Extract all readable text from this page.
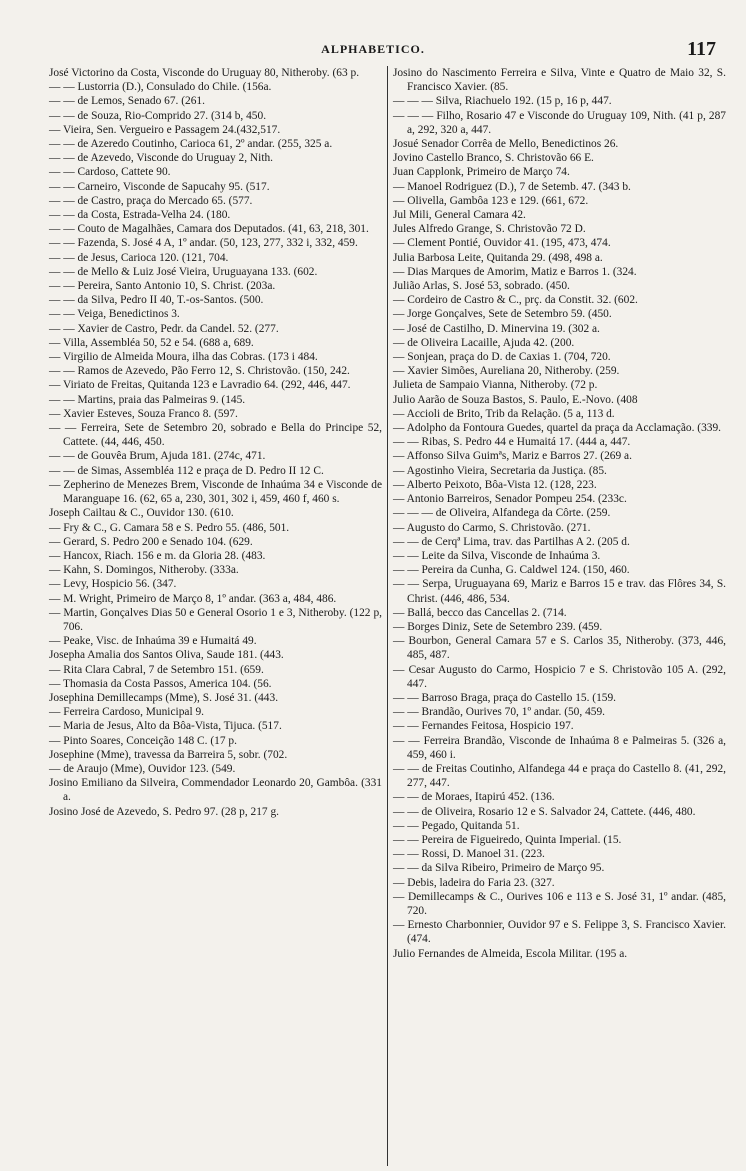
ALPHABETICO.	117

José Victorino da Costa, Visconde do Uruguay 80, Nitheroby. (63 p.

— — Lustorria (D.), Consulado do Chile. (156a.

— — de Lemos, Senado 67. (261.

— — de Souza, Rio-Comprido 27. (314 b, 450.

— Vieira, Sen. Vergueiro e Passagem 24.(432,517.

— — de Azeredo Coutinho, Carioca 61, 2º andar. (255, 325 a.

— — de Azevedo, Visconde do Uruguay 2, Nith.

— — Cardoso, Cattete 90.

— — Carneiro, Visconde de Sapucahy 95. (517.

— — de Castro, praça do Mercado 65. (577.

— — da Costa, Estrada-Velha 24. (180.

— — Couto de Magalhães, Camara dos Deputados. (41, 63, 218, 301.

— — Fazenda, S. José 4 A, 1º andar. (50, 123, 277, 332 i, 332, 459.

— — de Jesus, Carioca 120. (121, 704.

— — de Mello & Luiz José Vieira, Uruguayana 133. (602.

— — Pereira, Santo Antonio 10, S. Christ. (203a.

— — da Silva, Pedro II 40, T.-os-Santos. (500.

— — Veiga, Benedictinos 3.

— — Xavier de Castro, Pedr. da Candel. 52. (277.

— Villa, Assembléa 50, 52 e 54. (688 a, 689.

— Virgilio de Almeida Moura, ilha das Cobras. (173 i 484.

— — Ramos de Azevedo, Pão Ferro 12, S. Christovão. (150, 242.

— Viriato de Freitas, Quitanda 123 e Lavradio 64. (292, 446, 447.

— — Martins, praia das Palmeiras 9. (145.

— Xavier Esteves, Souza Franco 8. (597.

— — Ferreira, Sete de Setembro 20, sobrado e Bella do Principe 52, Cattete. (44, 446, 450.

— — de Gouvêa Brum, Ajuda 181. (274c, 471.

— — de Simas, Assembléa 112 e praça de D. Pedro II 12 C.

— Zepherino de Menezes Brem, Visconde de Inhaúma 34 e Visconde de Maranguape 16. (62, 65 a, 230, 301, 302 i, 459, 460 f, 460 s.

Joseph Cailtau & C., Ouvidor 130. (610.

— Fry & C., G. Camara 58 e S. Pedro 55. (486, 501.

— Gerard, S. Pedro 200 e Senado 104. (629.

— Hancox, Riach. 156 e m. da Gloria 28. (483.

— Kahn, S. Domingos, Nitheroby. (333a.

— Levy, Hospicio 56. (347.

— M. Wright, Primeiro de Março 8, 1º andar. (363 a, 484, 486.

— Martin, Gonçalves Dias 50 e General Osorio 1 e 3, Nitheroby. (122 p, 706.

— Peake, Visc. de Inhaúma 39 e Humaitá 49.

Josepha Amalia dos Santos Oliva, Saude 181. (443.

— Rita Clara Cabral, 7 de Setembro 151. (659.

— Thomasia da Costa Passos, America 104. (56.

Josephina Demillecamps (Mme), S. José 31. (443.

— Ferreira Cardoso, Municipal 9.

— Maria de Jesus, Alto da Bôa-Vista, Tijuca. (517.

— Pinto Soares, Conceição 148 C. (17 p.

Josephine (Mme), travessa da Barreira 5, sobr. (702.

— de Araujo (Mme), Ouvidor 123. (549.

Josino Emiliano da Silveira, Commendador Leonardo 20, Gambôa. (331 a.

Josino José de Azevedo, S. Pedro 97. (28 p, 217 g.

Josino do Nascimento Ferreira e Silva, Vinte e Quatro de Maio 32, S. Francisco Xavier. (85.

— — — Silva, Riachuelo 192. (15 p, 16 p, 447.

— — — Filho, Rosario 47 e Visconde do Uruguay 109, Nith. (41 p, 287 a, 292, 320 a, 447.

Josué Senador Corrêa de Mello, Benedictinos 26.

Jovino Castello Branco, S. Christovão 66 E.

Juan Capplonk, Primeiro de Março 74.

— Manoel Rodriguez (D.), 7 de Setemb. 47. (343 b.

— Olivella, Gambôa 123 e 129. (661, 672.

Jul Mili, General Camara 42.

Jules Alfredo Grange, S. Christovão 72 D.

— Clement Pontié, Ouvidor 41. (195, 473, 474.

Julia Barbosa Leite, Quitanda 29. (498, 498 a.

— Dias Marques de Amorim, Matiz e Barros 1. (324.

Julião Arlas, S. José 53, sobrado. (450.

— Cordeiro de Castro & C., prç. da Constit. 32. (602.

— Jorge Gonçalves, Sete de Setembro 59. (450.

— José de Castilho, D. Minervina 19. (302 a.

— de Oliveira Lacaille, Ajuda 42. (200.

— Sonjean, praça do D. de Caxias 1. (704, 720.

— Xavier Simões, Aureliana 20, Nitheroby. (259.

Julieta de Sampaio Vianna, Nitheroby. (72 p.

Julio Aarão de Souza Bastos, S. Paulo, E.-Novo. (408

— Accioli de Brito, Trib da Relação. (5 a, 113 d.

— Adolpho da Fontoura Guedes, quartel da praça da Acclamação. (339.

— — Ribas, S. Pedro 44 e Humaitá 17. (444 a, 447.

— Affonso Silva Guimªs, Mariz e Barros 27. (269 a.

— Agostinho Vieira, Secretaria da Justiça. (85.

— Alberto Peixoto, Bôa-Vista 12. (128, 223.

— Antonio Barreiros, Senador Pompeu 254. (233c.

— — — de Oliveira, Alfandega da Côrte. (259.

— Augusto do Carmo, S. Christovão. (271.

— — de Cerqª Lima, trav. das Partilhas A 2. (205 d.

— — Leite da Silva, Visconde de Inhaúma 3.

— — Pereira da Cunha, G. Caldwel 124. (150, 460.

— — Serpa, Uruguayana 69, Mariz e Barros 15 e trav. das Flôres 34, S. Christ. (446, 486, 534.

— Ballá, becco das Cancellas 2. (714.

— Borges Diniz, Sete de Setembro 239. (459.

— Bourbon, General Camara 57 e S. Carlos 35, Nitheroby. (373, 446, 485, 487.

— Cesar Augusto do Carmo, Hospicio 7 e S. Christovão 105 A. (292, 447.

— — Barroso Braga, praça do Castello 15. (159.

— — Brandão, Ourives 70, 1º andar. (50, 459.

— — Fernandes Feitosa, Hospicio 197.

— — Ferreira Brandão, Visconde de Inhaúma 8 e Palmeiras 5. (326 a, 459, 460 i.

— — de Freitas Coutinho, Alfandega 44 e praça do Castello 8. (41, 292, 277, 447.

— — de Moraes, Itapirú 452. (136.

— — de Oliveira, Rosario 12 e S. Salvador 24, Cattete. (446, 480.

— — Pegado, Quitanda 51.

— — Pereira de Figueiredo, Quinta Imperial. (15.

— — Rossi, D. Manoel 31. (223.

— — da Silva Ribeiro, Primeiro de Março 95.

— Debis, ladeira do Faria 23. (327.

— Demillecamps & C., Ourives 106 e 113 e S. José 31, 1º andar. (485, 720.

— Ernesto Charbonnier, Ouvidor 97 e S. Felippe 3, S. Francisco Xavier. (474.

Julio Fernandes de Almeida, Escola Militar. (195 a.
